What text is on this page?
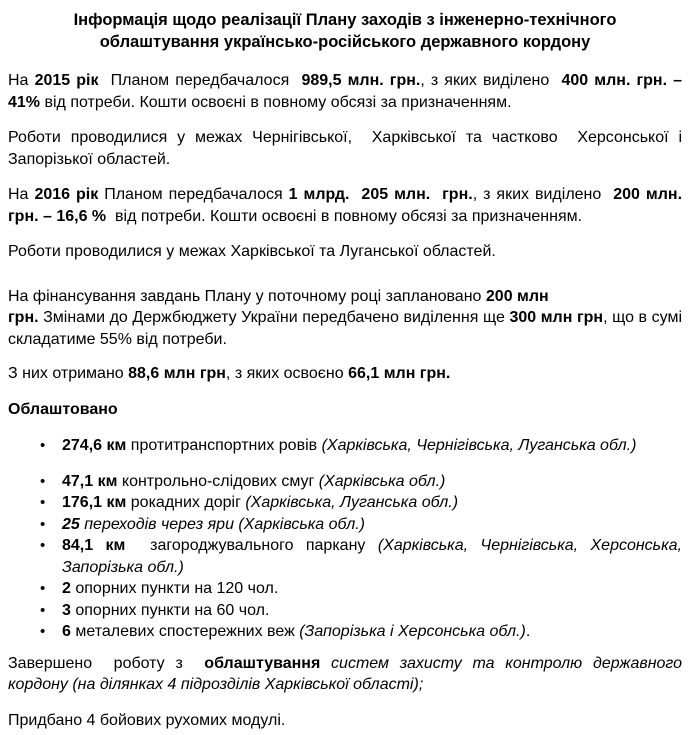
Інформація щодо реалізації Плану заходів з інженерно-технічного
облаштування українсько-російського державного кордону

На 2015 рік  Планом передбачалося  989,5 млн. грн., з яких виділено  400 млн. грн. – 41% від потреби. Кошти освоєні в повному обсязі за призначенням.

Роботи проводилися у межах Чернігівської,  Харківської та частково  Херсонської і Запорізької областей.

На 2016 рік Планом передбачалося 1 млрд.  205 млн.  грн., з яких виділено  200 млн. грн. – 16,6 %  від потреби. Кошти освоєні в повному обсязі за призначенням.

Роботи проводилися у межах Харківської та Луганської областей.

На фінансування завдань Плану у поточному році заплановано 200 млн
грн. Змінами до Держбюджету України передбачено виділення ще 300 млн грн, що в сумі складатиме 55% від потреби.

З них отримано 88,6 млн грн, з яких освоєно 66,1 млн грн.

Облаштовано

• 274,6 км протитранспортних ровів (Харківська, Чернігівська, Луганська обл.)
• 47,1 км контрольно-слідових смуг (Харківська обл.)
• 176,1 км рокадних доріг (Харківська, Луганська обл.)
• 25 переходів через яри (Харківська обл.)
• 84,1 км  загороджувального паркану (Харківська, Чернігівська, Херсонська, Запорізька обл.)
• 2 опорних пункти на 120 чол.
• 3 опорних пункти на 60 чол.
• 6 металевих спостережних веж (Запорізька і Херсонська обл.).

Завершено  роботу з  облаштування систем захисту та контролю державного кордону (на ділянках 4 підрозділів Харківської області);

Придбано 4 бойових рухомих модулі.
